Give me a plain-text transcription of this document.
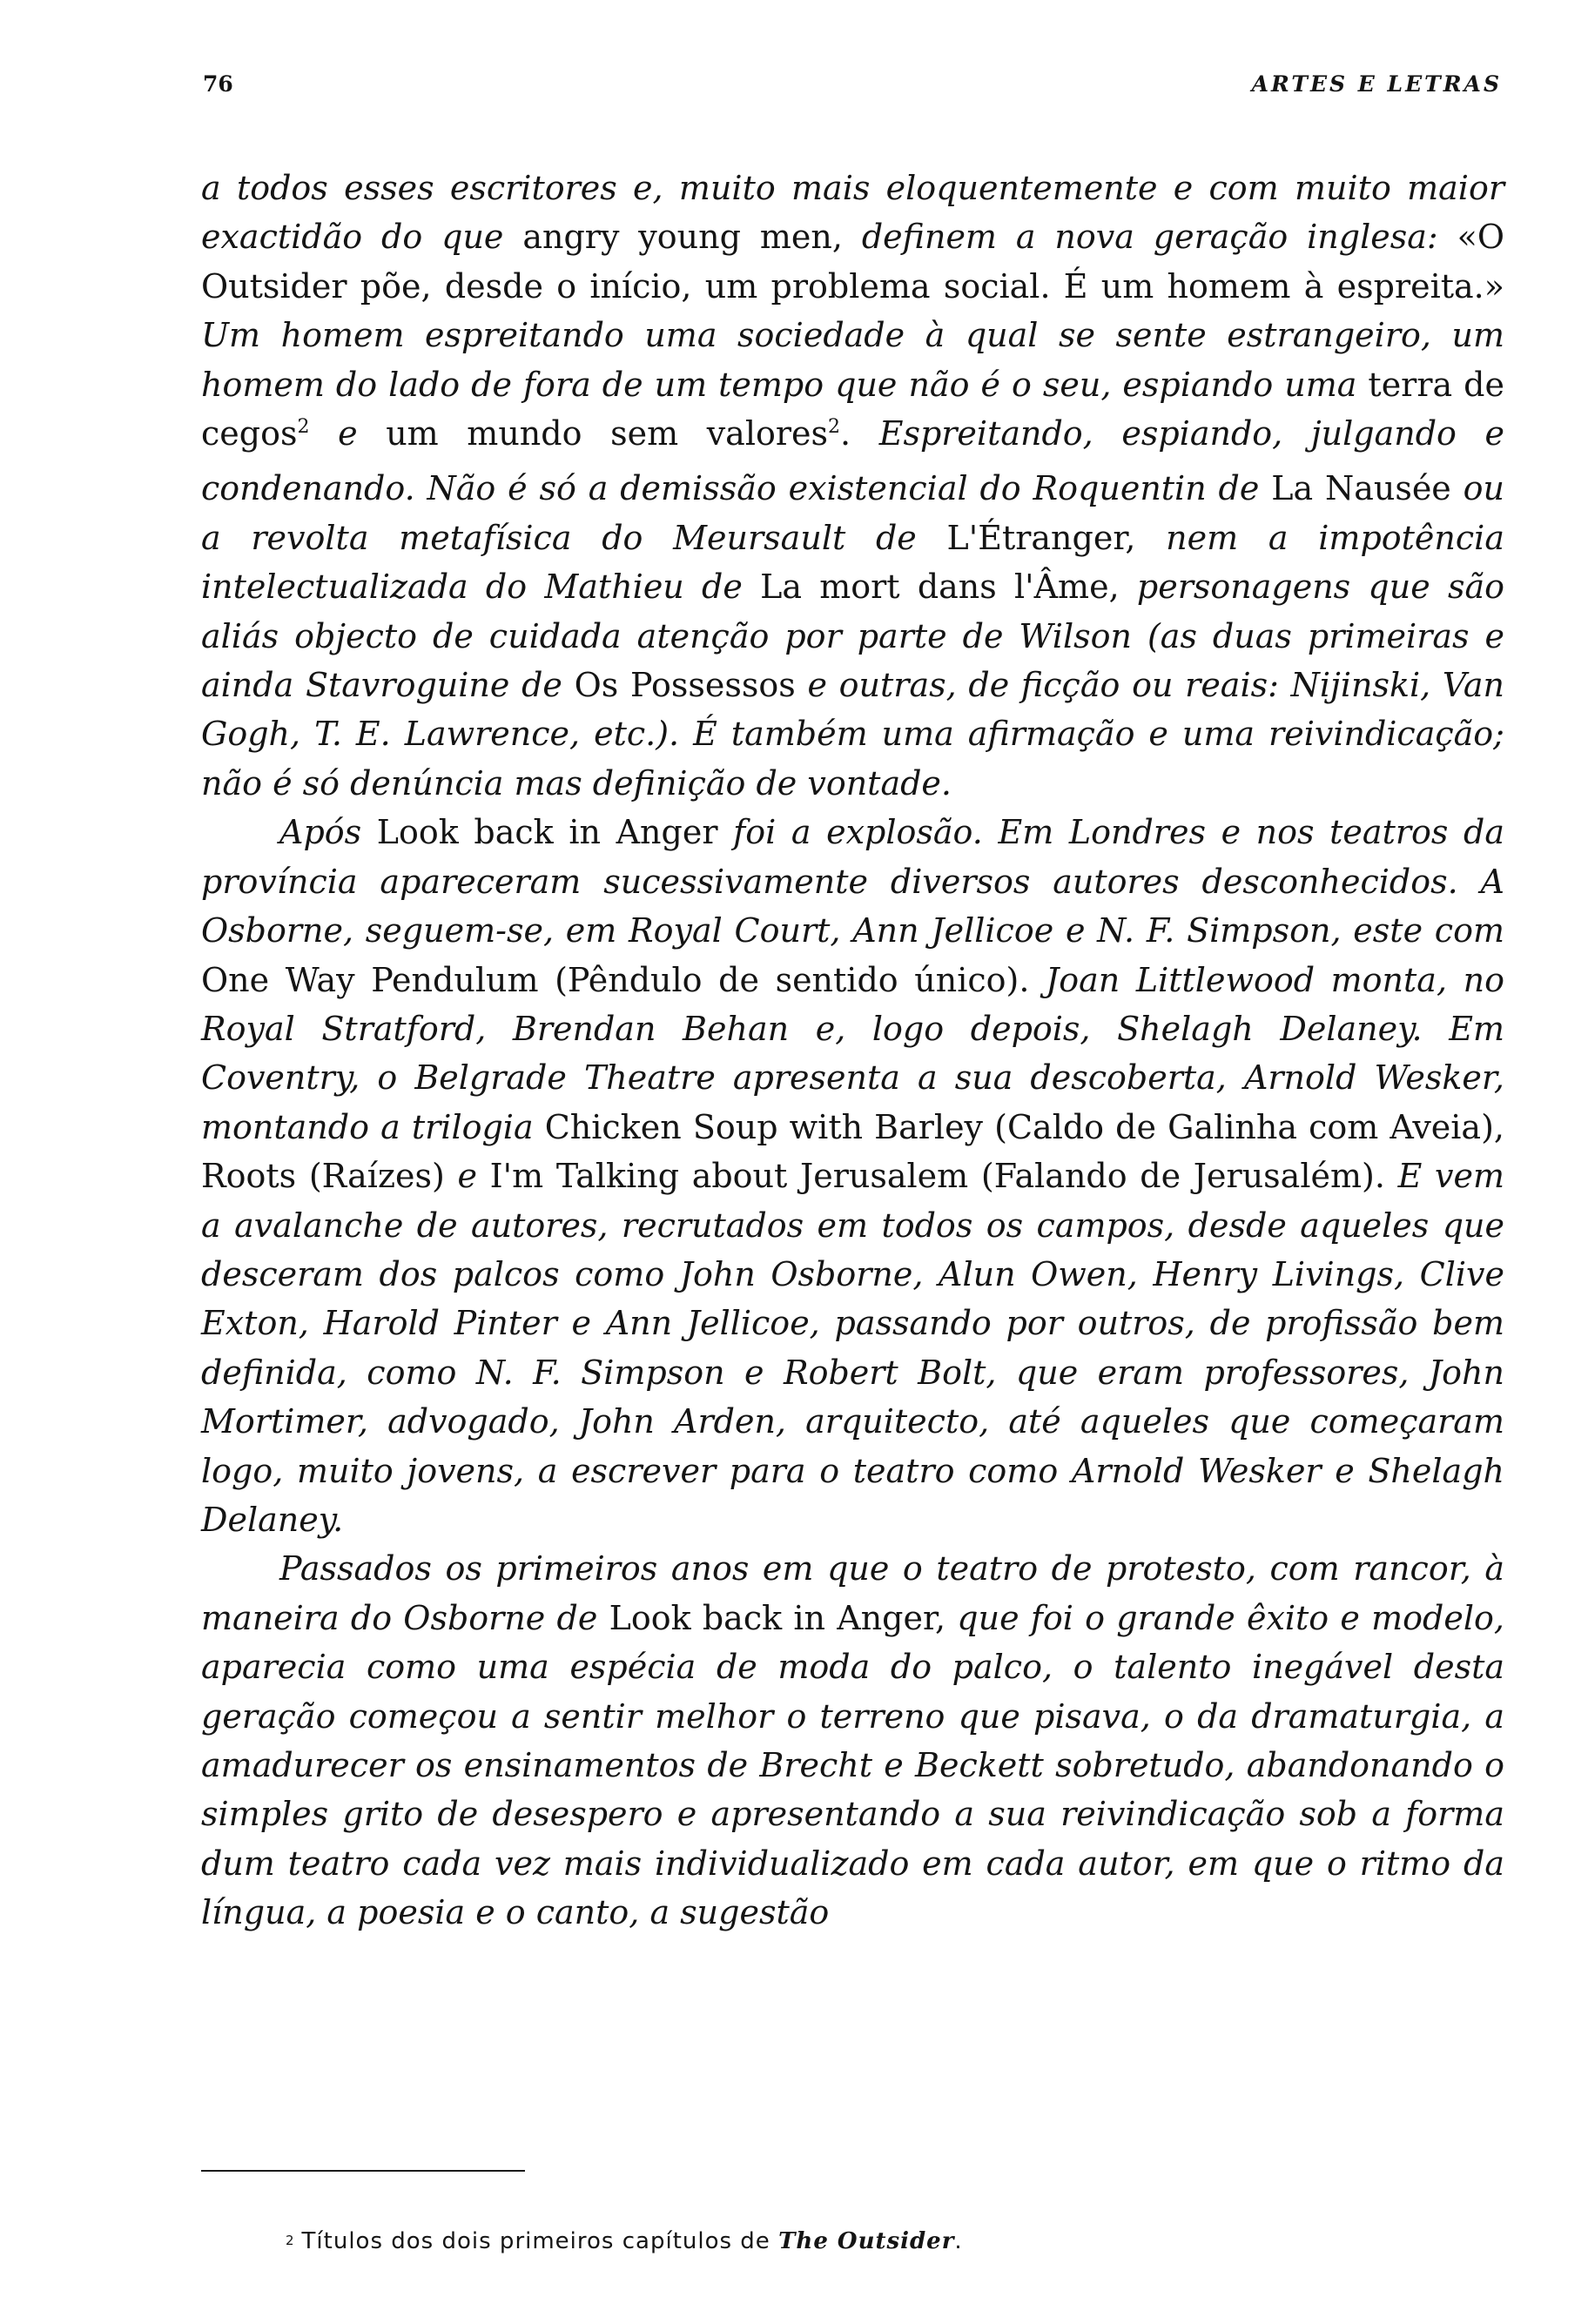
76	ARTES E LETRAS

a todos esses escritores e, muito mais eloquentemente e com muito maior exactidão do que angry young men, definem a nova geração inglesa: «O Outsider põe, desde o início, um problema social. É um homem à espreita.» Um homem espreitando uma sociedade à qual se sente estrangeiro, um homem do lado de fora de um tempo que não é o seu, espiando uma terra de cegos$^2$ e um mundo sem valores$^2$. Espreitando, espiando, julgando e condenando. Não é só a demissão existencial do Roquentin de La Nausée ou a revolta metafísica do Meursault de L'Étranger, nem a impotência intelectualizada do Mathieu de La mort dans l'Âme, personagens que são aliás objecto de cuidada atenção por parte de Wilson (as duas primeiras e ainda Stavroguine de Os Possessos e outras, de ficção ou reais: Nijinski, Van Gogh, T. E. Lawrence, etc.). É também uma afirmação e uma reivindicação; não é só denúncia mas definição de vontade.

Após Look back in Anger foi a explosão. Em Londres e nos teatros da província apareceram sucessivamente diversos autores desconhecidos. A Osborne, seguem-se, em Royal Court, Ann Jellicoe e N. F. Simpson, este com One Way Pendulum (Pêndulo de sentido único). Joan Littlewood monta, no Royal Stratford, Brendan Behan e, logo depois, Shelagh Delaney. Em Coventry, o Belgrade Theatre apresenta a sua descoberta, Arnold Wesker, montando a trilogia Chicken Soup with Barley (Caldo de Galinha com Aveia), Roots (Raízes) e I'm Talking about Jerusalem (Falando de Jerusalém). E vem a avalanche de autores, recrutados em todos os campos, desde aqueles que desceram dos palcos como John Osborne, Alun Owen, Henry Livings, Clive Exton, Harold Pinter e Ann Jellicoe, passando por outros, de profissão bem definida, como N. F. Simpson e Robert Bolt, que eram professores, John Mortimer, advogado, John Arden, arquitecto, até aqueles que começaram logo, muito jovens, a escrever para o teatro como Arnold Wesker e Shelagh Delaney.

Passados os primeiros anos em que o teatro de protesto, com rancor, à maneira do Osborne de Look back in Anger, que foi o grande êxito e modelo, aparecia como uma espécia de moda do palco, o talento inegável desta geração começou a sentir melhor o terreno que pisava, o da dramaturgia, a amadurecer os ensinamentos de Brecht e Beckett sobretudo, abandonando o simples grito de desespero e apresentando a sua reivindicação sob a forma dum teatro cada vez mais individualizado em cada autor, em que o ritmo da língua, a poesia e o canto, a sugestão

$^2$ Títulos dos dois primeiros capítulos de The Outsider.
